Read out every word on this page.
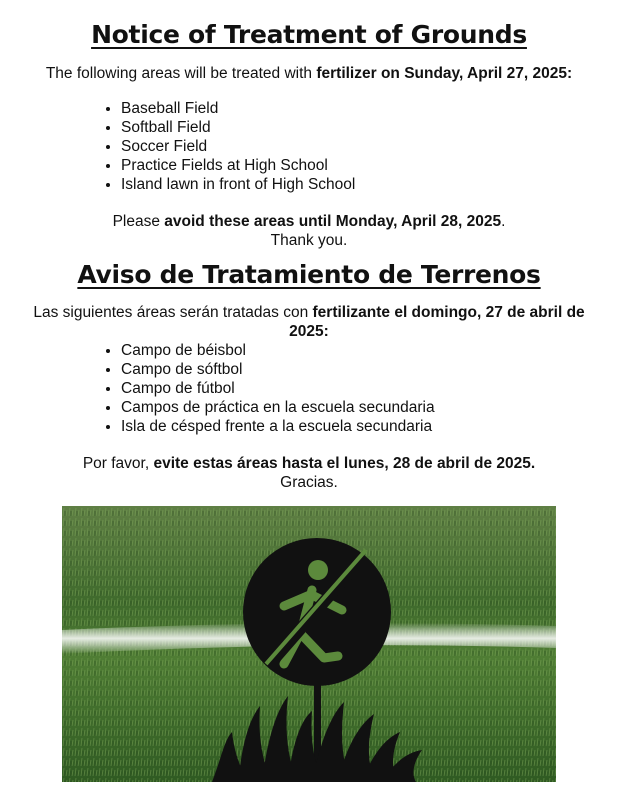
Notice of Treatment of Grounds

The following areas will be treated with fertilizer on Sunday, April 27, 2025:

• Baseball Field
• Softball Field
• Soccer Field
• Practice Fields at High School
• Island lawn in front of High School

Please avoid these areas until Monday, April 28, 2025.

Thank you.

Aviso de Tratamiento de Terrenos

Las siguientes áreas serán tratadas con fertilizante el domingo, 27 de abril de 2025:

• Campo de béisbol
• Campo de sóftbol
• Campo de fútbol
• Campos de práctica en la escuela secundaria
• Isla de césped frente a la escuela secundaria

Por favor, evite estas áreas hasta el lunes, 28 de abril de 2025.

Gracias.
